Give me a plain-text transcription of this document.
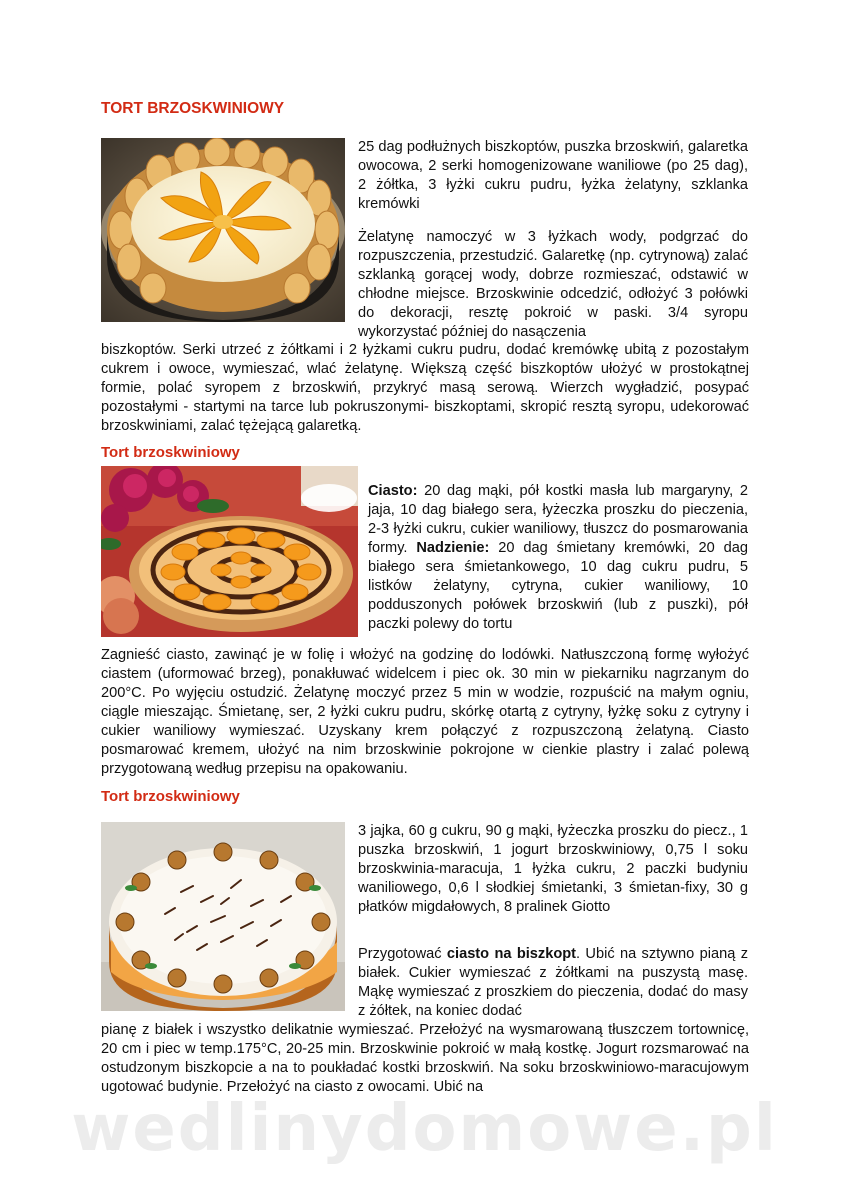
TORT BRZOSKWINIOWY

25 dag podłużnych biszkoptów, puszka brzoskwiń, galaretka owocowa, 2 serki homogenizowane waniliowe (po 25 dag), 2 żółtka, 3 łyżki cukru pudru, łyżka żelatyny, szklanka kremówki

Żelatynę namoczyć w 3 łyżkach wody, podgrzać do rozpuszczenia, przestudzić. Galaretkę (np. cytrynową) zalać szklanką gorącej wody, dobrze rozmieszać, odstawić w chłodne miejsce. Brzoskwinie odcedzić, odłożyć 3 połówki do dekoracji, resztę pokroić w paski. 3/4 syropu wykorzystać później do nasączenia

biszkoptów. Serki utrzeć z żółtkami i 2 łyżkami cukru pudru, dodać kremówkę ubitą z pozostałym cukrem i owoce, wymieszać, wlać żelatynę. Większą część biszkoptów ułożyć w prostokątnej formie, polać syropem z brzoskwiń, przykryć masą serową. Wierzch wygładzić, posypać pozostałymi - startymi na tarce lub pokruszonymi- biszkoptami, skropić resztą syropu, udekorować brzoskwiniami, zalać tężejącą galaretką.

Tort brzoskwiniowy

Ciasto: 20 dag mąki, pół kostki masła lub margaryny, 2 jaja, 10 dag białego sera, łyżeczka proszku do pieczenia, 2-3 łyżki cukru, cukier waniliowy, tłuszcz do posmarowania formy. Nadzienie: 20 dag śmietany kremówki, 20 dag białego sera śmietankowego, 10 dag cukru pudru, 5 listków żelatyny, cytryna, cukier waniliowy, 10 podduszonych połówek brzoskwiń (lub z puszki), pół paczki polewy do tortu

Zagnieść ciasto, zawinąć je w folię i włożyć na godzinę do lodówki. Natłuszczoną formę wyłożyć ciastem (uformować brzeg), ponakłuwać widelcem i piec ok. 30 min w piekarniku nagrzanym do 200°C. Po wyjęciu ostudzić. Żelatynę moczyć przez 5 min w wodzie, rozpuścić na małym ogniu, ciągle mieszając. Śmietanę, ser, 2 łyżki cukru pudru, skórkę otartą z cytryny, łyżkę soku z cytryny i cukier waniliowy wymieszać. Uzyskany krem połączyć z rozpuszczoną żelatyną. Ciasto posmarować kremem, ułożyć na nim brzoskwinie pokrojone w cienkie plastry i zalać polewą przygotowaną według przepisu na opakowaniu.

Tort brzoskwiniowy

3 jajka, 60 g cukru, 90 g mąki, łyżeczka proszku do piecz., 1 puszka brzoskwiń, 1 jogurt brzoskwiniowy, 0,75 l soku brzoskwinia-maracuja, 1 łyżka cukru, 2 paczki budyniu waniliowego, 0,6 l słodkiej śmietanki, 3 śmietan-fixy, 30 g płatków migdałowych, 8 pralinek Giotto

Przygotować ciasto na biszkopt. Ubić na sztywno pianą z białek. Cukier wymieszać z żółtkami na puszystą masę. Mąkę wymieszać z proszkiem do pieczenia, dodać do masy z żółtek, na koniec dodać

pianę z białek i wszystko delikatnie wymieszać. Przełożyć na wysmarowaną tłuszczem tortownicę, 20 cm i piec w temp.175°C, 20-25 min. Brzoskwinie pokroić w małą kostkę. Jogurt rozsmarować na ostudzonym biszkopcie a na to poukładać kostki brzoskwiń. Na soku brzoskwiniowo-maracujowym ugotować budynie. Przełożyć na ciasto z owocami. Ubić na

wedlinydomowe.pl
